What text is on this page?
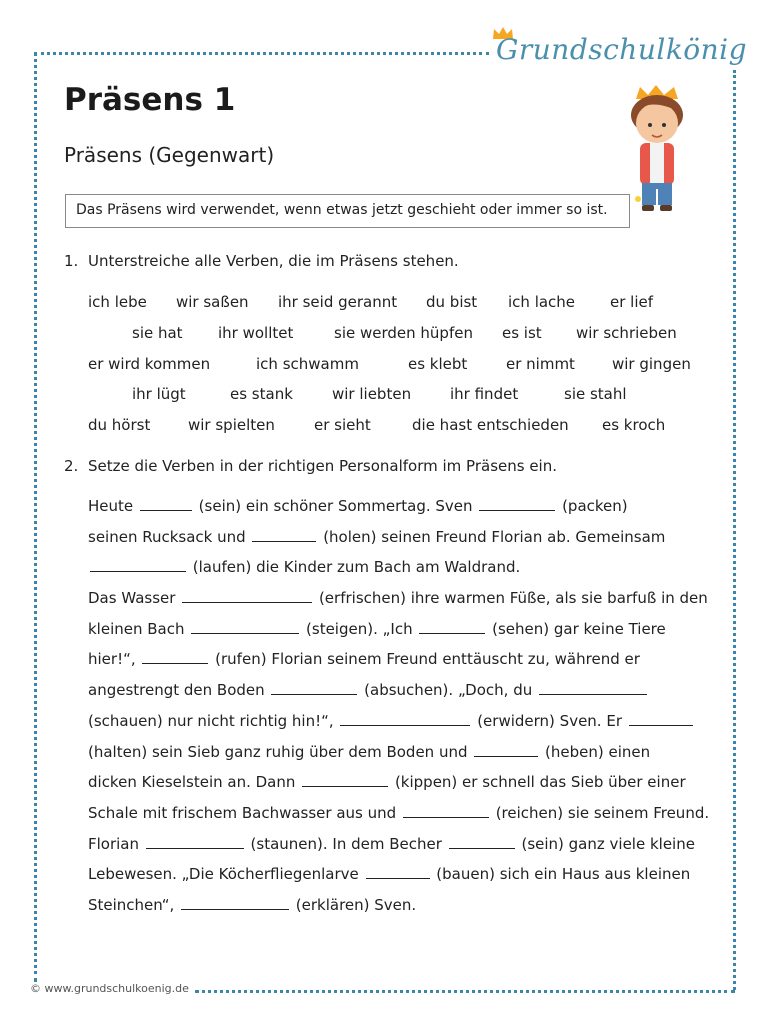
Grundschulkönig
Präsens 1
Präsens (Gegenwart)
Das Präsens wird verwendet, wenn etwas jetzt geschieht oder immer so ist.
1. Unterstreiche alle Verben, die im Präsens stehen.
ich lebe wir saßen ihr seid gerannt du bist ich lache er lief
sie hat ihr wolltet	sie werden hüpfen es ist wir schrieben
er wird kommen	ich schwamm	es klebt	er nimmt wir gingen
ihr lügt	es stank	wir liebten	ihr findet	sie stahl
du hörst	wir spielten	er sieht	die hast entschieden es kroch
2. Setze die Verben in der richtigen Personalform im Präsens ein.
Heute	(sein) ein schöner Sommertag. Sven	(packen)
seinen Rucksack und	(holen) seinen Freund Florian ab. Gemeinsam
(laufen) die Kinder zum Bach am Waldrand.
Das Wasser	(erfrischen) ihre warmen Füße, als sie barfuß in den
kleinen Bach	(steigen). „Ich	(sehen) gar keine Tiere
hier!“,	(rufen) Florian seinem Freund enttäuscht zu, während er
angestrengt den Boden	(absuchen). „Doch, du
(schauen) nur nicht richtig hin!“,	(erwidern) Sven. Er
(halten) sein Sieb ganz ruhig über dem Boden und	(heben) einen
dicken Kieselstein an. Dann	(kippen) er schnell das Sieb über einer
Schale mit frischem Bachwasser aus und	(reichen) sie seinem Freund.
Florian	(staunen). In dem Becher	(sein) ganz viele kleine
Lebewesen. „Die Köcherfliegenlarve	(bauen) sich ein Haus aus kleinen
Steinchen“,	(erklären) Sven.
© www.grundschulkoenig.de
